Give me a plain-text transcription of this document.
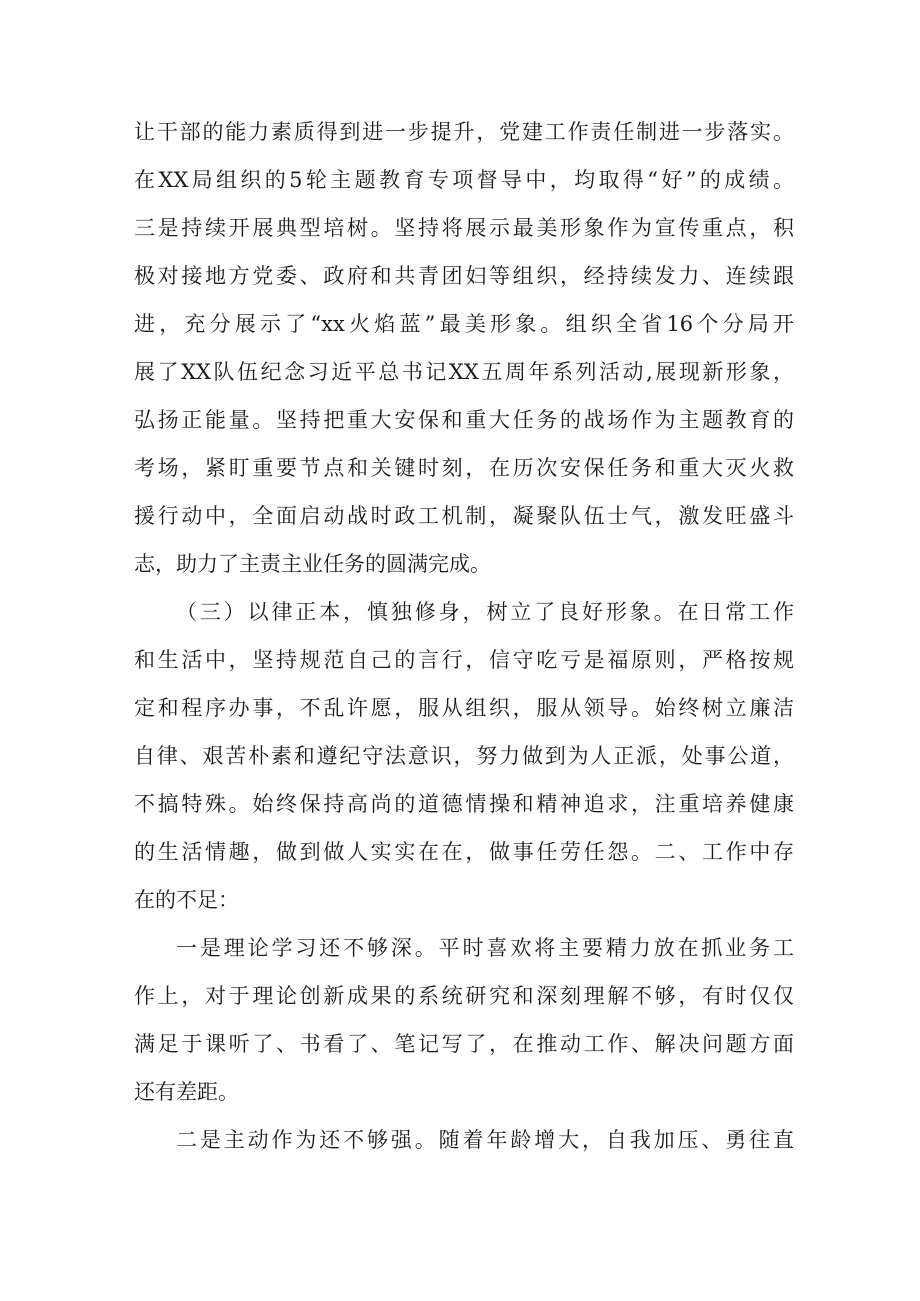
让干部的能力素质得到进一步提升，党建工作责任制进一步落实。
在XX局组织的5轮主题教育专项督导中，均取得“好”的成绩。
三是持续开展典型培树。坚持将展示最美形象作为宣传重点，积
极对接地方党委、政府和共青团妇等组织，经持续发力、连续跟
进，充分展示了“xx火焰蓝”最美形象。组织全省16个分局开
展了XX队伍纪念习近平总书记XX五周年系列活动,展现新形象，
弘扬正能量。坚持把重大安保和重大任务的战场作为主题教育的
考场，紧盯重要节点和关键时刻，在历次安保任务和重大灭火救
援行动中，全面启动战时政工机制，凝聚队伍士气，激发旺盛斗
志，助力了主责主业任务的圆满完成。
（三）以律正本，慎独修身，树立了良好形象。在日常工作
和生活中，坚持规范自己的言行，信守吃亏是福原则，严格按规
定和程序办事，不乱许愿，服从组织，服从领导。始终树立廉洁
自律、艰苦朴素和遵纪守法意识，努力做到为人正派，处事公道，
不搞特殊。始终保持高尚的道德情操和精神追求，注重培养健康
的生活情趣，做到做人实实在在，做事任劳任怨。二、工作中存
在的不足：
一是理论学习还不够深。平时喜欢将主要精力放在抓业务工
作上，对于理论创新成果的系统研究和深刻理解不够，有时仅仅
满足于课听了、书看了、笔记写了，在推动工作、解决问题方面
还有差距。
二是主动作为还不够强。随着年龄增大，自我加压、勇往直
